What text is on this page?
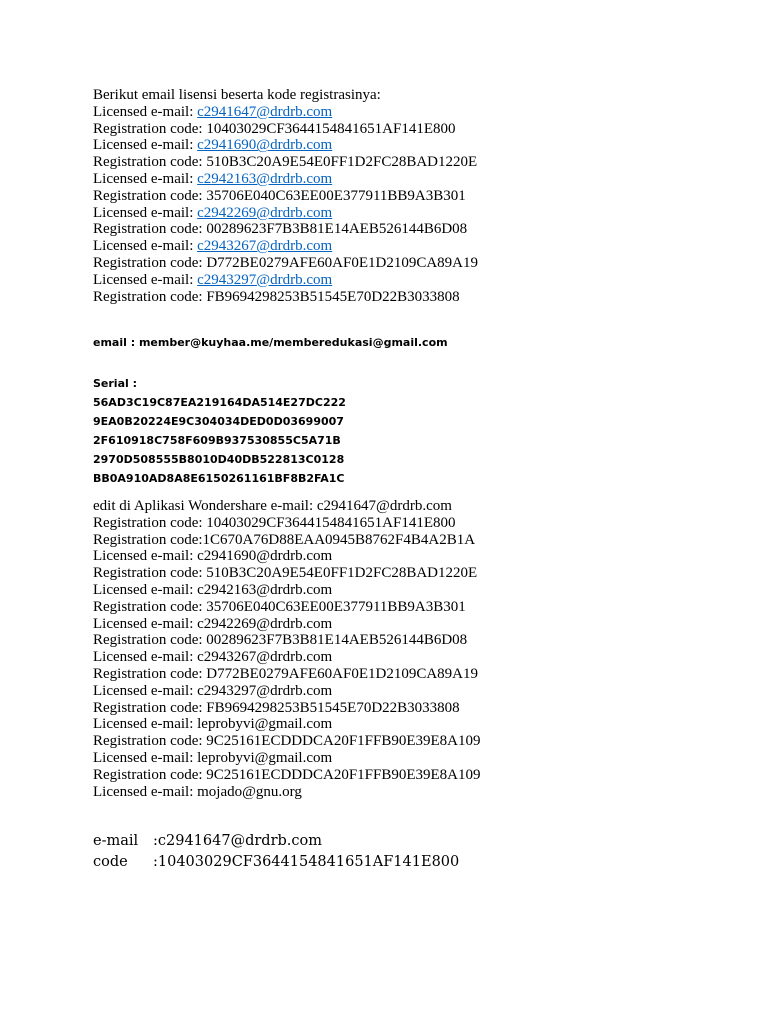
Berikut email lisensi beserta kode registrasinya:
Licensed e-mail: c2941647@drdrb.com
Registration code: 10403029CF3644154841651AF141E800
Licensed e-mail: c2941690@drdrb.com
Registration code: 510B3C20A9E54E0FF1D2FC28BAD1220E
Licensed e-mail: c2942163@drdrb.com
Registration code: 35706E040C63EE00E377911BB9A3B301
Licensed e-mail: c2942269@drdrb.com
Registration code: 00289623F7B3B81E14AEB526144B6D08
Licensed e-mail: c2943267@drdrb.com
Registration code: D772BE0279AFE60AF0E1D2109CA89A19
Licensed e-mail: c2943297@drdrb.com
Registration code: FB9694298253B51545E70D22B3033808
email : member@kuyhaa.me/memberedukasi@gmail.com
Serial :
56AD3C19C87EA219164DA514E27DC222
9EA0B20224E9C304034DED0D03699007
2F610918C758F609B937530855C5A71B
2970D508555B8010D40DB522813C0128
BB0A910AD8A8E6150261161BF8B2FA1C
edit di Aplikasi Wondershare e-mail: c2941647@drdrb.com
Registration code: 10403029CF3644154841651AF141E800
Registration code:1C670A76D88EAA0945B8762F4B4A2B1A
Licensed e-mail: c2941690@drdrb.com
Registration code: 510B3C20A9E54E0FF1D2FC28BAD1220E
Licensed e-mail: c2942163@drdrb.com
Registration code: 35706E040C63EE00E377911BB9A3B301
Licensed e-mail: c2942269@drdrb.com
Registration code: 00289623F7B3B81E14AEB526144B6D08
Licensed e-mail: c2943267@drdrb.com
Registration code: D772BE0279AFE60AF0E1D2109CA89A19
Licensed e-mail: c2943297@drdrb.com
Registration code: FB9694298253B51545E70D22B3033808
Licensed e-mail: leprobyvi@gmail.com
Registration code: 9C25161ECDDDCA20F1FFB90E39E8A109
Licensed e-mail: leprobyvi@gmail.com
Registration code: 9C25161ECDDDCA20F1FFB90E39E8A109
Licensed e-mail: mojado@gnu.org
e-mail :c2941647@drdrb.com
code :10403029CF3644154841651AF141E800
